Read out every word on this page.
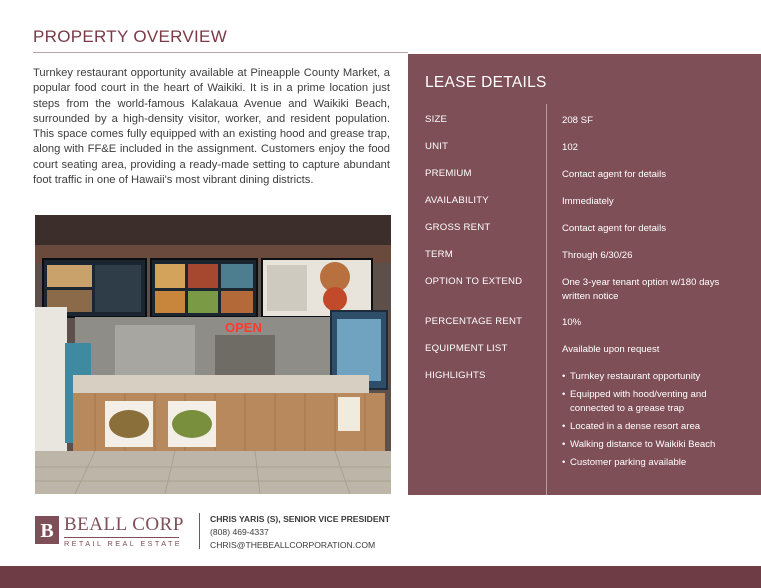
PROPERTY OVERVIEW
Turnkey restaurant opportunity available at Pineapple County Market, a popular food court in the heart of Waikiki. It is in a prime location just steps from the world-famous Kalakaua Avenue and Waikiki Beach, surrounded by a high-density visitor, worker, and resident population. This space comes fully equipped with an existing hood and grease trap, along with FF&E included in the assignment. Customers enjoy the food court seating area, providing a ready-made setting to capture abundant foot traffic in one of Hawaii's most vibrant dining districts.
OPEN
LEASE DETAILS
SIZE	208 SF
UNIT	102
PREMIUM	Contact agent for details
AVAILABILITY	Immediately
GROSS RENT	Contact agent for details
TERM	Through 6/30/26
OPTION TO EXTEND	One 3-year tenant option w/180 days written notice
PERCENTAGE RENT	10%
EQUIPMENT LIST	Available upon request
HIGHLIGHTS
•	Turnkey restaurant opportunity
• Equipped with hood/venting and connected to a grease trap
• Located in a dense resort area
• Walking distance to Waikiki Beach
• Customer parking available
B BEALL CORP
RETAIL REAL ESTATE
CHRIS YARIS (S), SENIOR VICE PRESIDENT
(808) 469-4337
CHRIS@THEBEALLCORPORATION.COM
